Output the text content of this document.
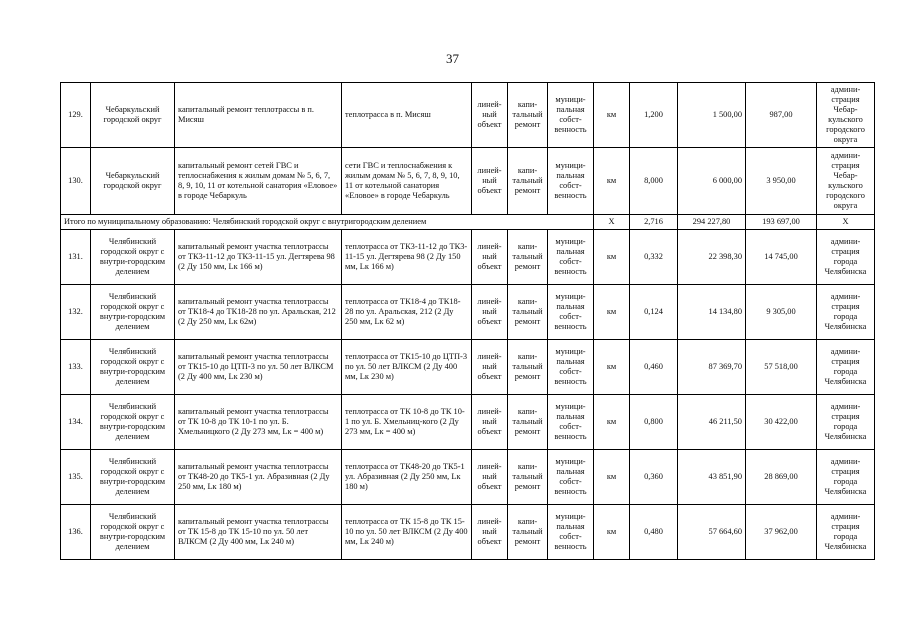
37
129.	Чебаркульский городской округ	капитальный ремонт теплотрассы в п. Мисяш	теплотрасса в п. Мисяш	линей-ный объект	капи-тальный ремонт	муници-пальная собст-венность	км	1,200	1 500,00	987,00	админи-страция Чебар-кульского городского округа
130.	Чебаркульский городской округ	капитальный ремонт сетей ГВС и теплоснабжения к жилым домам № 5, 6, 7, 8, 9, 10, 11 от котельной санатория «Еловое» в городе Чебаркуль	сети ГВС и теплоснабжения к жилым домам № 5, 6, 7, 8, 9, 10, 11 от котельной санатория «Еловое» в городе Чебаркуль	линей-ный объект	капи-тальный ремонт	муници-пальная собст-венность	км	8,000	6 000,00	3 950,00	админи-страция Чебар-кульского городского округа
Итого по муниципальному образованию: Челябинский городской округ с внутригородским делением							X	2,716	294 227,80	193 697,00	X
131.	Челябинский городской округ с внутри-городским делением	капитальный ремонт участка теплотрассы от ТК3-11-12 до ТК3-11-15 ул. Дегтярева 98 (2 Ду 150 мм, Lк 166 м)	теплотрасса от ТК3-11-12 до ТК3-11-15 ул. Дегтярева 98 (2 Ду 150 мм, Lк 166 м)	линей-ный объект	капи-тальный ремонт	муници-пальная собст-венность	км	0,332	22 398,30	14 745,00	админи-страция города Челябинска
132.	Челябинский городской округ с внутри-городским делением	капитальный ремонт участка теплотрассы от ТК18-4 до ТК18-28 по ул. Аральская, 212 (2 Ду 250 мм, Lк 62м)	теплотрасса от ТК18-4 до ТК18-28 по ул. Аральская, 212 (2 Ду 250 мм, Lк 62 м)	линей-ный объект	капи-тальный ремонт	муници-пальная собст-венность	км	0,124	14 134,80	9 305,00	админи-страция города Челябинска
133.	Челябинский городской округ с внутри-городским делением	капитальный ремонт участка теплотрассы от ТК15-10 до ЦТП-3 по ул. 50 лет ВЛКСМ (2 Ду 400 мм, Lк 230 м)	теплотрасса от ТК15-10 до ЦТП-3 по ул. 50 лет ВЛКСМ (2 Ду 400 мм, Lк 230 м)	линей-ный объект	капи-тальный ремонт	муници-пальная собст-венность	км	0,460	87 369,70	57 518,00	админи-страция города Челябинска
134.	Челябинский городской округ с внутри-городским делением	капитальный ремонт участка теплотрассы от ТК 10-8 до ТК 10-1 по ул. Б. Хмельницкого (2 Ду 273 мм, Lк = 400 м)	теплотрасса от ТК 10-8 до ТК 10-1 по ул. Б. Хмельниц-кого (2 Ду 273 мм, Lк = 400 м)	линей-ный объект	капи-тальный ремонт	муници-пальная собст-венность	км	0,800	46 211,50	30 422,00	админи-страция города Челябинска
135.	Челябинский городской округ с внутри-городским делением	капитальный ремонт участка теплотрассы от ТК48-20 до ТК5-1 ул. Абразивная (2 Ду 250 мм, Lк 180 м)	теплотрасса от ТК48-20 до ТК5-1 ул. Абразивная (2 Ду 250 мм, Lк 180 м)	линей-ный объект	капи-тальный ремонт	муници-пальная собст-венность	км	0,360	43 851,90	28 869,00	админи-страция города Челябинска
136.	Челябинский городской округ с внутри-городским делением	капитальный ремонт участка теплотрассы от ТК 15-8 до ТК 15-10 по ул. 50 лет ВЛКСМ (2 Ду 400 мм, Lк 240 м)	теплотрасса от ТК 15-8 до ТК 15-10 по ул. 50 лет ВЛКСМ (2 Ду 400 мм, Lк 240 м)	линей-ный объект	капи-тальный ремонт	муници-пальная собст-венность	км	0,480	57 664,60	37 962,00	админи-страция города Челябинска
